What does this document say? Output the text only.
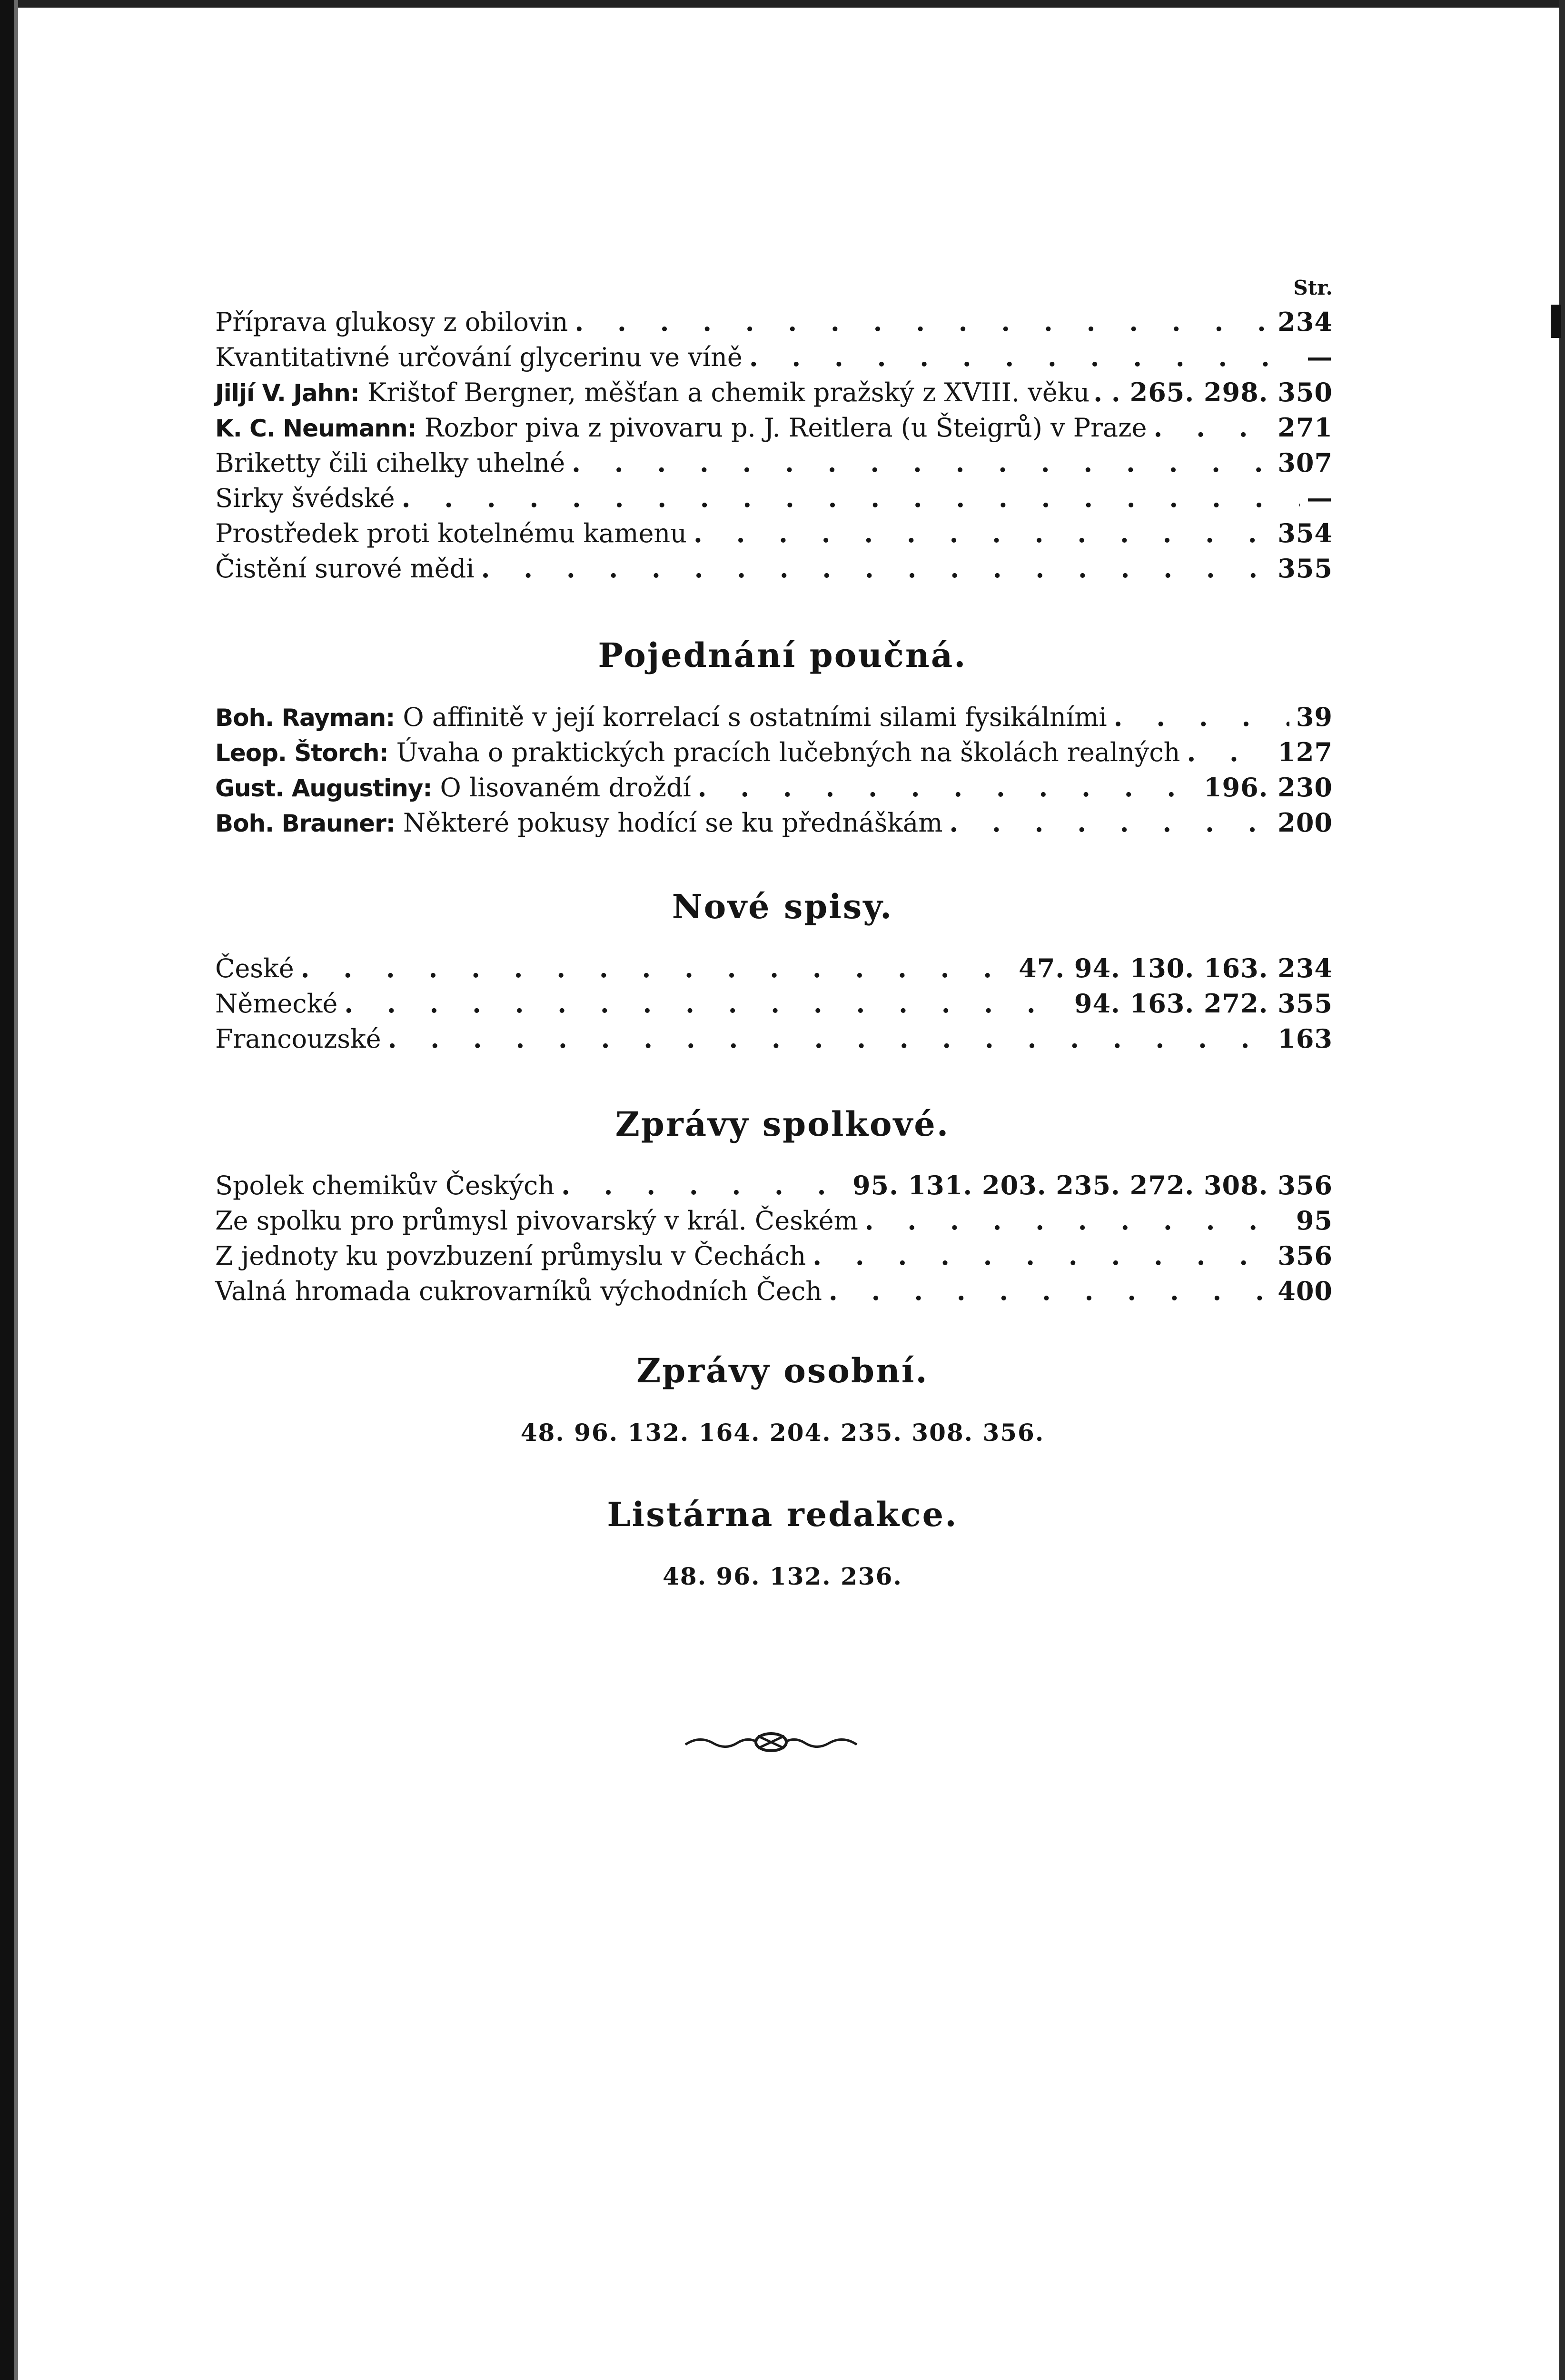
Str.
Příprava glukosy z obilovin . . .	234
Kvantitativné určování glycerinu ve víně . . .	—
Jiljí V. Jahn: Krištof Bergner, měšťan a chemik pražský z XVIII. věku . . . 265. 298. 350
K. C. Neumann: Rozbor piva z pivovaru p. J. Reitlera (u Šteigrů) v Praze . . .	271
Briketty čili cihelky uhelné . . .	307
Sirky švédské . . .	—
Prostředek proti kotelnému kamenu . . .	354
Čistění surové mědi . . .	355
Pojednání poučná.
Boh. Rayman: O affinitě v její korrelací s ostatními silami fysikálními . . .	39
Leop. Štorch: Úvaha o praktických pracích lučebných na školách realných . . .	127
Gust. Augustiny: O lisovaném droždí . . .	196. 230
Boh. Brauner: Některé pokusy hodící se ku přednáškám . . .	200
Nové spisy.
České . . .	47. 94. 130. 163. 234
Německé . . .	94. 163. 272. 355
Francouzské . . .	163
Zprávy spolkové.
Spolek chemikův Českých . . .	95. 131. 203. 235. 272. 308. 356
Ze spolku pro průmysl pivovarský v král. Českém . . .	95
Z jednoty ku povzbuzení průmyslu v Čechách . . .	356
Valná hromada cukrovarníků východních Čech . . .	400
Zprávy osobní.
48. 96. 132. 164. 204. 235. 308. 356.
Listárna redakce.
48. 96. 132. 236.
